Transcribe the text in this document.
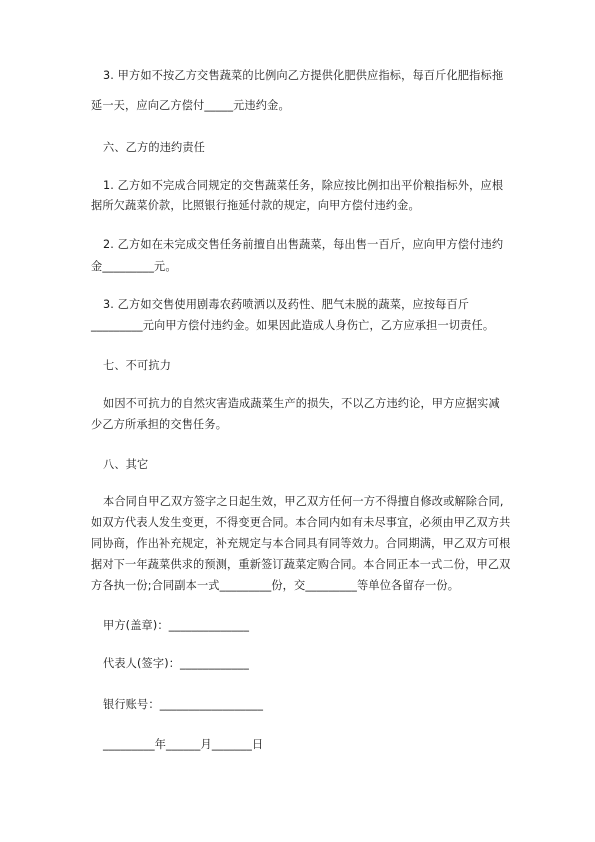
3. 甲方如不按乙方交售蔬菜的比例向乙方提供化肥供应指标，每百斤化肥指标拖
延一天，应向乙方偿付_____元违约金。
六、乙方的违约责任
1. 乙方如不完成合同规定的交售蔬菜任务，除应按比例扣出平价粮指标外，应根
据所欠蔬菜价款，比照银行拖延付款的规定，向甲方偿付违约金。
2. 乙方如在未完成交售任务前擅自出售蔬菜，每出售一百斤，应向甲方偿付违约
金_________元。
3. 乙方如交售使用剧毒农药喷洒以及药性、肥气未脱的蔬菜，应按每百斤
_________元向甲方偿付违约金。如果因此造成人身伤亡，乙方应承担一切责任。
七、不可抗力
如因不可抗力的自然灾害造成蔬菜生产的损失，不以乙方违约论，甲方应据实减
少乙方所承担的交售任务。
八、其它
本合同自甲乙双方签字之日起生效，甲乙双方任何一方不得擅自修改或解除合同,
如双方代表人发生变更，不得变更合同。本合同内如有未尽事宜，必须由甲乙双方共
同协商，作出补充规定，补充规定与本合同具有同等效力。合同期满，甲乙双方可根
据对下一年蔬菜供求的预测，重新签订蔬菜定购合同。本合同正本一式二份，甲乙双
方各执一份;合同副本一式_________份，交_________等单位各留存一份。
甲方(盖章)：______________
代表人(签字)：____________
银行账号：__________________
_________年______月_______日
